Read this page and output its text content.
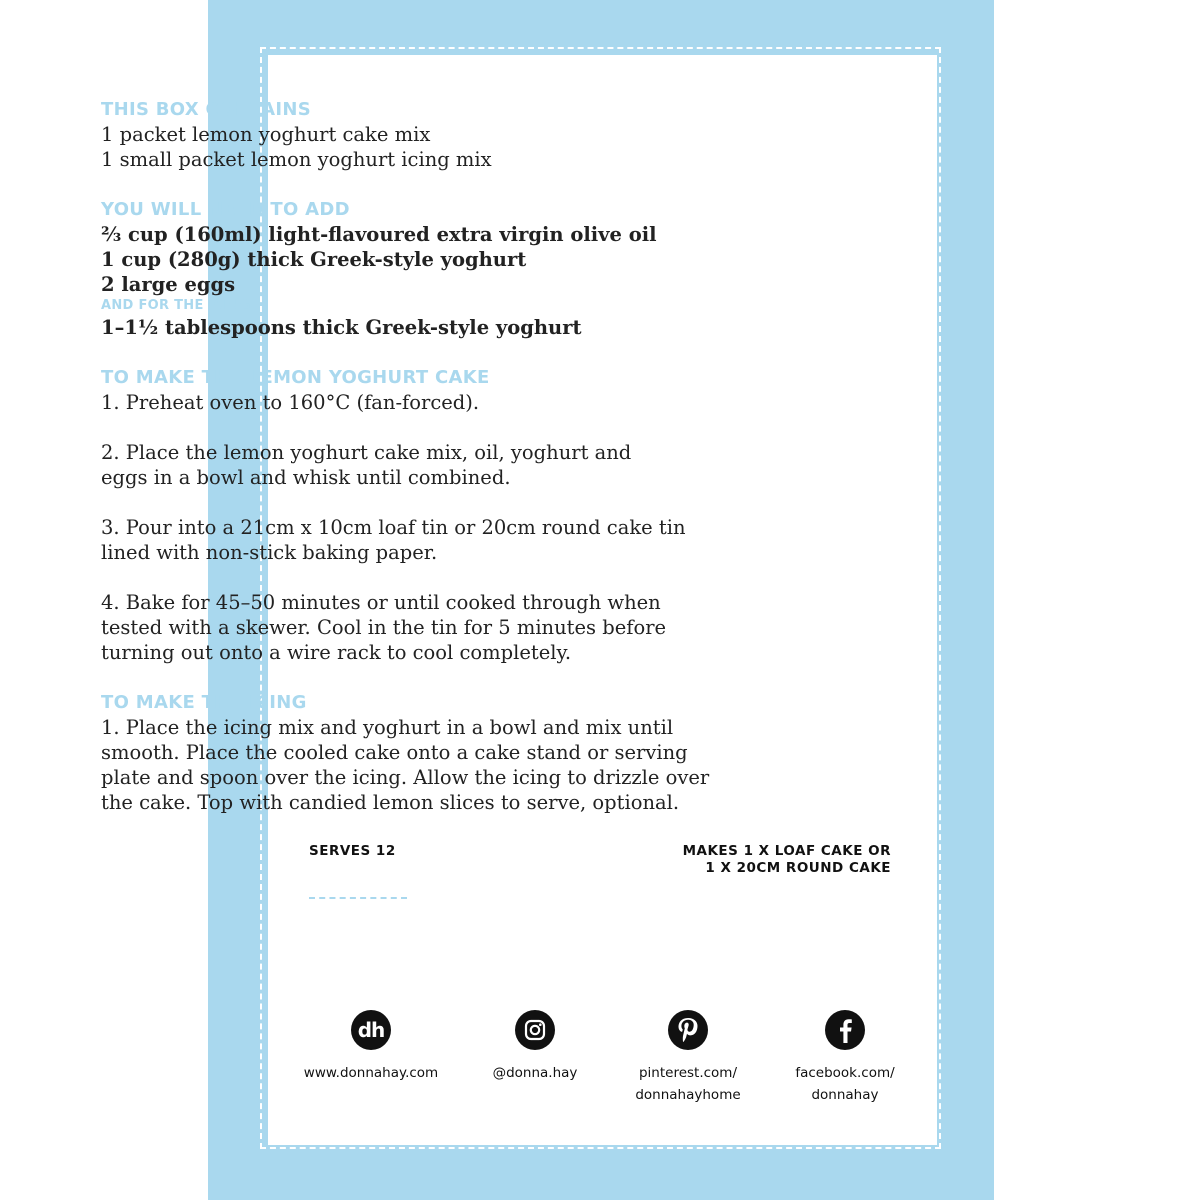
THIS BOX CONTAINS
1 packet lemon yoghurt cake mix
1 small packet lemon yoghurt icing mix
YOU WILL NEED TO ADD
⅔ cup (160ml) light-flavoured extra virgin olive oil
1 cup (280g) thick Greek-style yoghurt
2 large eggs
AND FOR THE ICING
1–1½ tablespoons thick Greek-style yoghurt
TO MAKE THE LEMON YOGHURT CAKE
1. Preheat oven to 160°C (fan-forced).
2. Place the lemon yoghurt cake mix, oil, yoghurt and
eggs in a bowl and whisk until combined.
3. Pour into a 21cm x 10cm loaf tin or 20cm round cake tin
lined with non-stick baking paper.
4. Bake for 45–50 minutes or until cooked through when
tested with a skewer. Cool in the tin for 5 minutes before
turning out onto a wire rack to cool completely.
TO MAKE THE ICING
1. Place the icing mix and yoghurt in a bowl and mix until
smooth. Place the cooled cake onto a cake stand or serving
plate and spoon over the icing. Allow the icing to drizzle over
the cake. Top with candied lemon slices to serve, optional.
SERVES 12	MAKES 1 X LOAF CAKE OR
1 X 20CM ROUND CAKE
dh
www.donnahay.com	@donna.hay	pinterest.com/
donnahayhome
facebook.com/
donnahay
